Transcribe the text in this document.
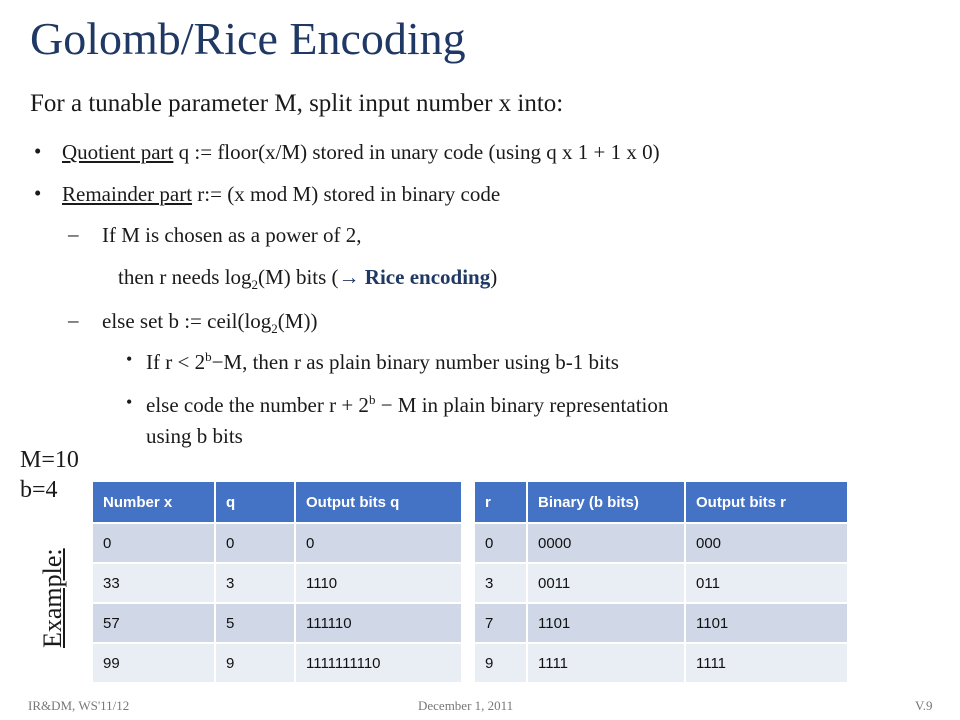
Golomb/Rice Encoding
For a tunable parameter M, split input number x into:
• Quotient part q := floor(x/M) stored in unary code (using q x 1 + 1 x 0)
• Remainder part r:= (x mod M) stored in binary code
– If M is chosen as a power of 2,
then r needs $\log_2(M)$ bits (→ Rice encoding)
– else set b := $ceil(\log_2(M))$
• If $r < 2^b-M$, then r as plain binary number using b-1 bits
• else code the number $r + 2^b - M$ in plain binary representation
using b bits
M=10
b=4
Example:
Number x	q	Output bits q
0	0	0
33	3	1110
57	5	111110
99	9	1111111110
r	Binary (b bits)	Output bits r
0	0000	000
3	0011	011
7	1101	1101
9	1111	1111
IR&DM, WS'11/12	December 1, 2011	V.9
